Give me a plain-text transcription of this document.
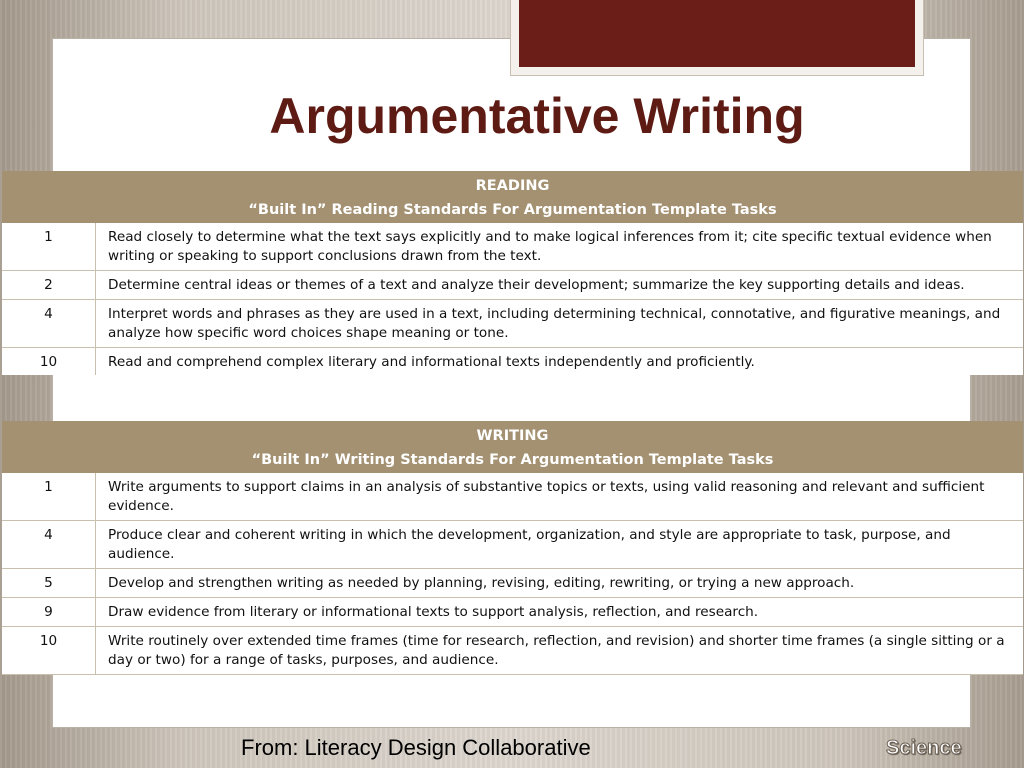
Argumentative Writing
READING	
“Built In” Reading Standards For Argumentation Template Tasks	
1	Read closely to determine what the text says explicitly and to make logical inferences from it; cite specific textual evidence when writing or speaking to support conclusions drawn from the text.
2	Determine central ideas or themes of a text and analyze their development; summarize the key supporting details and ideas.
4	Interpret words and phrases as they are used in a text, including determining technical, connotative, and figurative meanings, and analyze how specific word choices shape meaning or tone.
10	Read and comprehend complex literary and informational texts independently and proficiently.
WRITING	
“Built In” Writing Standards For Argumentation Template Tasks	
1	Write arguments to support claims in an analysis of substantive topics or texts, using valid reasoning and relevant and sufficient evidence.
4	Produce clear and coherent writing in which the development, organization, and style are appropriate to task, purpose, and audience.
5	Develop and strengthen writing as needed by planning, revising, editing, rewriting, or trying a new approach.
9	Draw evidence from literary or informational texts to support analysis, reflection, and research.
10	Write routinely over extended time frames (time for research, reflection, and revision) and shorter time frames (a single sitting or a day or two) for a range of tasks, purposes, and audience.

From: Literacy Design Collaborative	Science
